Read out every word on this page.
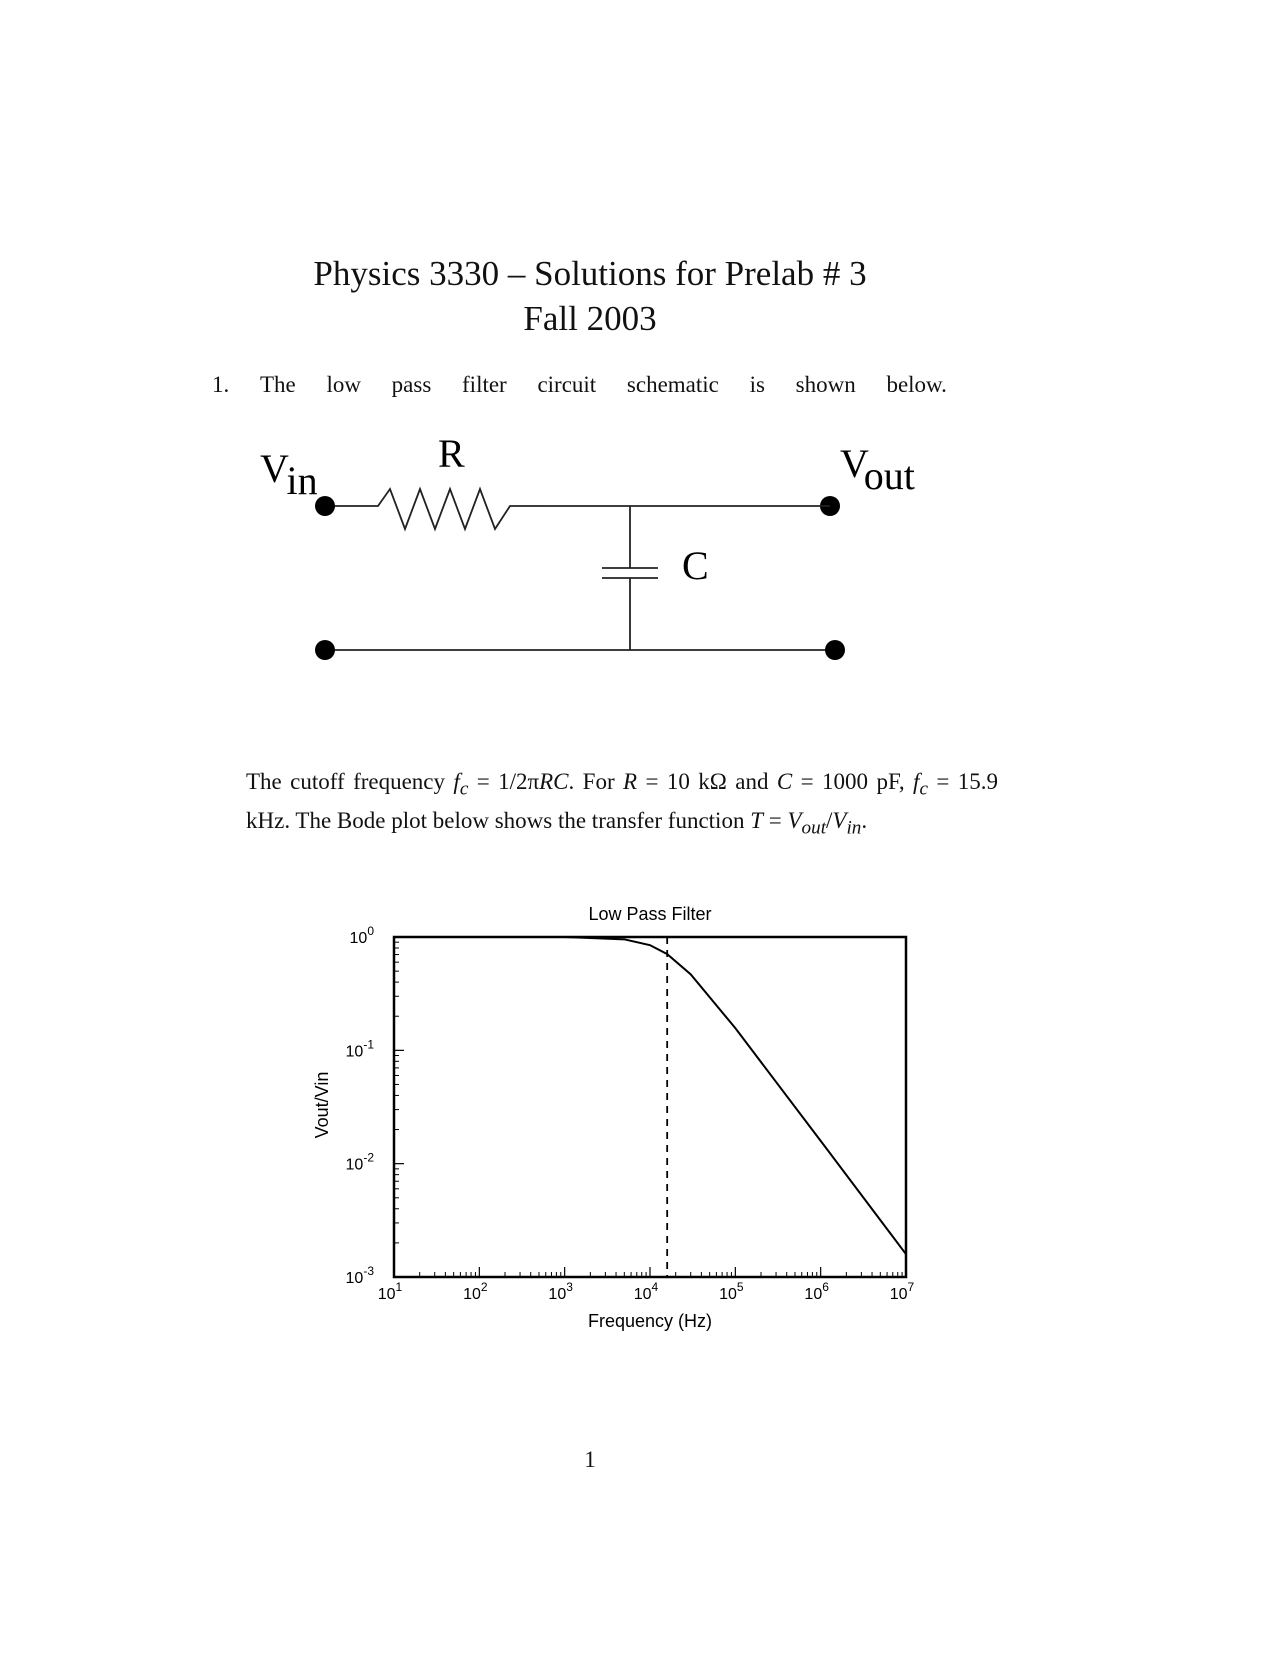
Physics 3330 – Solutions for Prelab # 3
Fall 2003
1. The low pass filter circuit schematic is shown below.
Vin
R	Vout
C
The cutoff frequency $f_c = 1/2\pi RC$. For R = 10 kΩ and C = 1000 pF, $f_c = 15.9$ kHz. The Bode plot below shows the transfer function $T = V_{out}/V_{in}$.
Low Pass Filter
Frequency (Hz)
Vout/Vin
$10^0$
$10^{-1}$
$10^{-2}$
$10^{-3}$
$10^1$	$10^2$	$10^3$	$10^4$	$10^5$	$10^6$	$10^7$
1
